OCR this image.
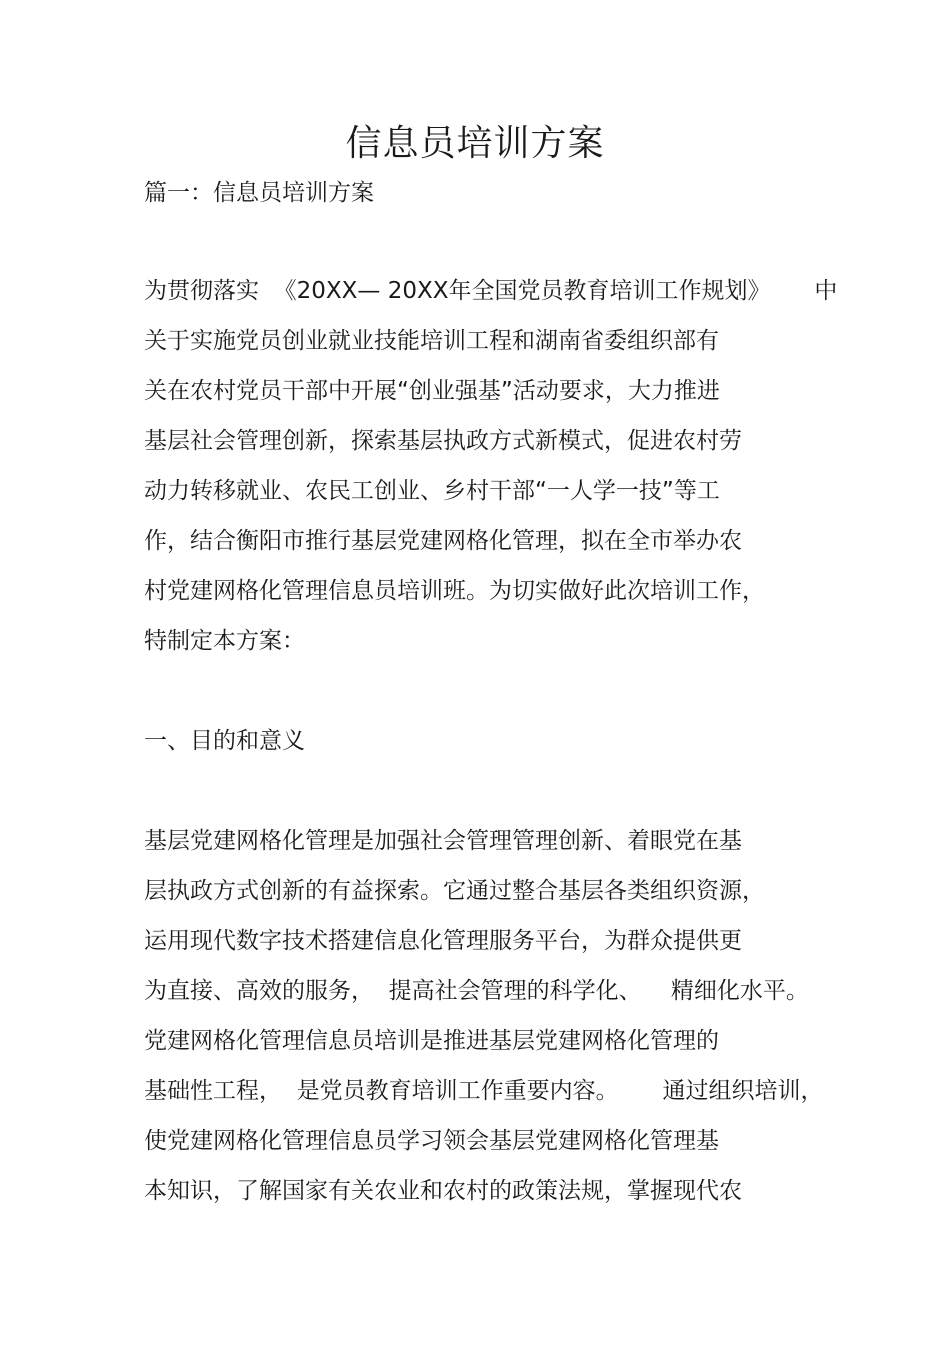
信息员培训方案

篇一：信息员培训方案

为贯彻落实  《20XX— 20XX年全国党员教育培训工作规划》      中

关于实施党员创业就业技能培训工程和湖南省委组织部有

关在农村党员干部中开展“创业强基”活动要求，大力推进

基层社会管理创新，探索基层执政方式新模式，促进农村劳

动力转移就业、农民工创业、乡村干部“一人学一技”等工

作，结合衡阳市推行基层党建网格化管理，拟在全市举办农

村党建网格化管理信息员培训班。为切实做好此次培训工作，

特制定本方案：

一、目的和意义

基层党建网格化管理是加强社会管理管理创新、着眼党在基

层执政方式创新的有益探索。它通过整合基层各类组织资源，

运用现代数字技术搭建信息化管理服务平台，为群众提供更

为直接、高效的服务，  提高社会管理的科学化、    精细化水平。

党建网格化管理信息员培训是推进基层党建网格化管理的

基础性工程，  是党员教育培训工作重要内容。      通过组织培训，

使党建网格化管理信息员学习领会基层党建网格化管理基

本知识，了解国家有关农业和农村的政策法规，掌握现代农
